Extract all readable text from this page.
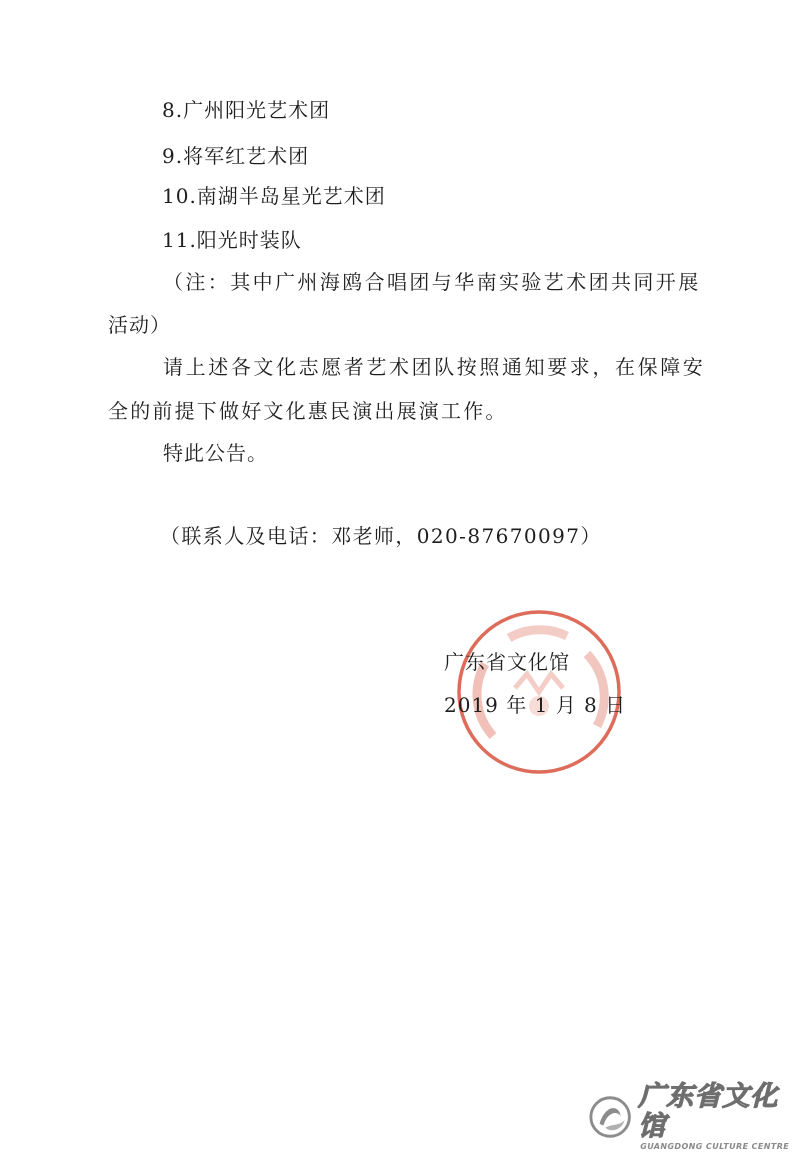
8.广州阳光艺术团
9.将军红艺术团
10.南湖半岛星光艺术团
11.阳光时装队
（注：其中广州海鸥合唱团与华南实验艺术团共同开展
活动）
请上述各文化志愿者艺术团队按照通知要求，在保障安
全的前提下做好文化惠民演出展演工作。
特此公告。
（联系人及电话：邓老师，020-87670097）
广东省文化馆
2019 年 1 月 8 日
广东省文化馆
GUANGDONG CULTURE CENTRE
